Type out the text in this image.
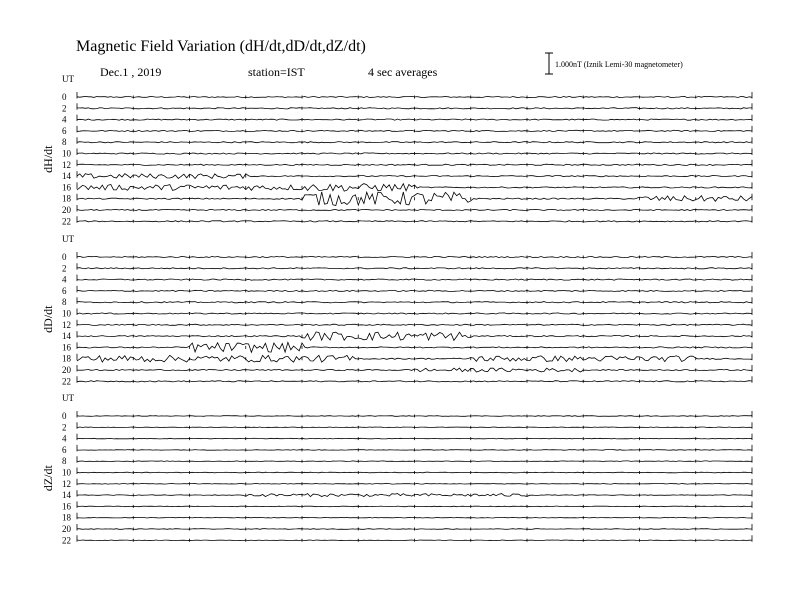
Magnetic Field Variation (dH/dt,dD/dt,dZ/dt)
Dec.1 , 2019	station=IST	4 sec averages
1.000nT (Iznik Lemi-30 magnetometer)
UT
dH/dt
0
2
4
6
8
10
12
14
16
18
20
22
UT
dD/dt
0
2
4
6
8
10
12
14
16
18
20
22
UT
dZ/dt
0
2
4
6
8
10
12
14
16
18
20
22
